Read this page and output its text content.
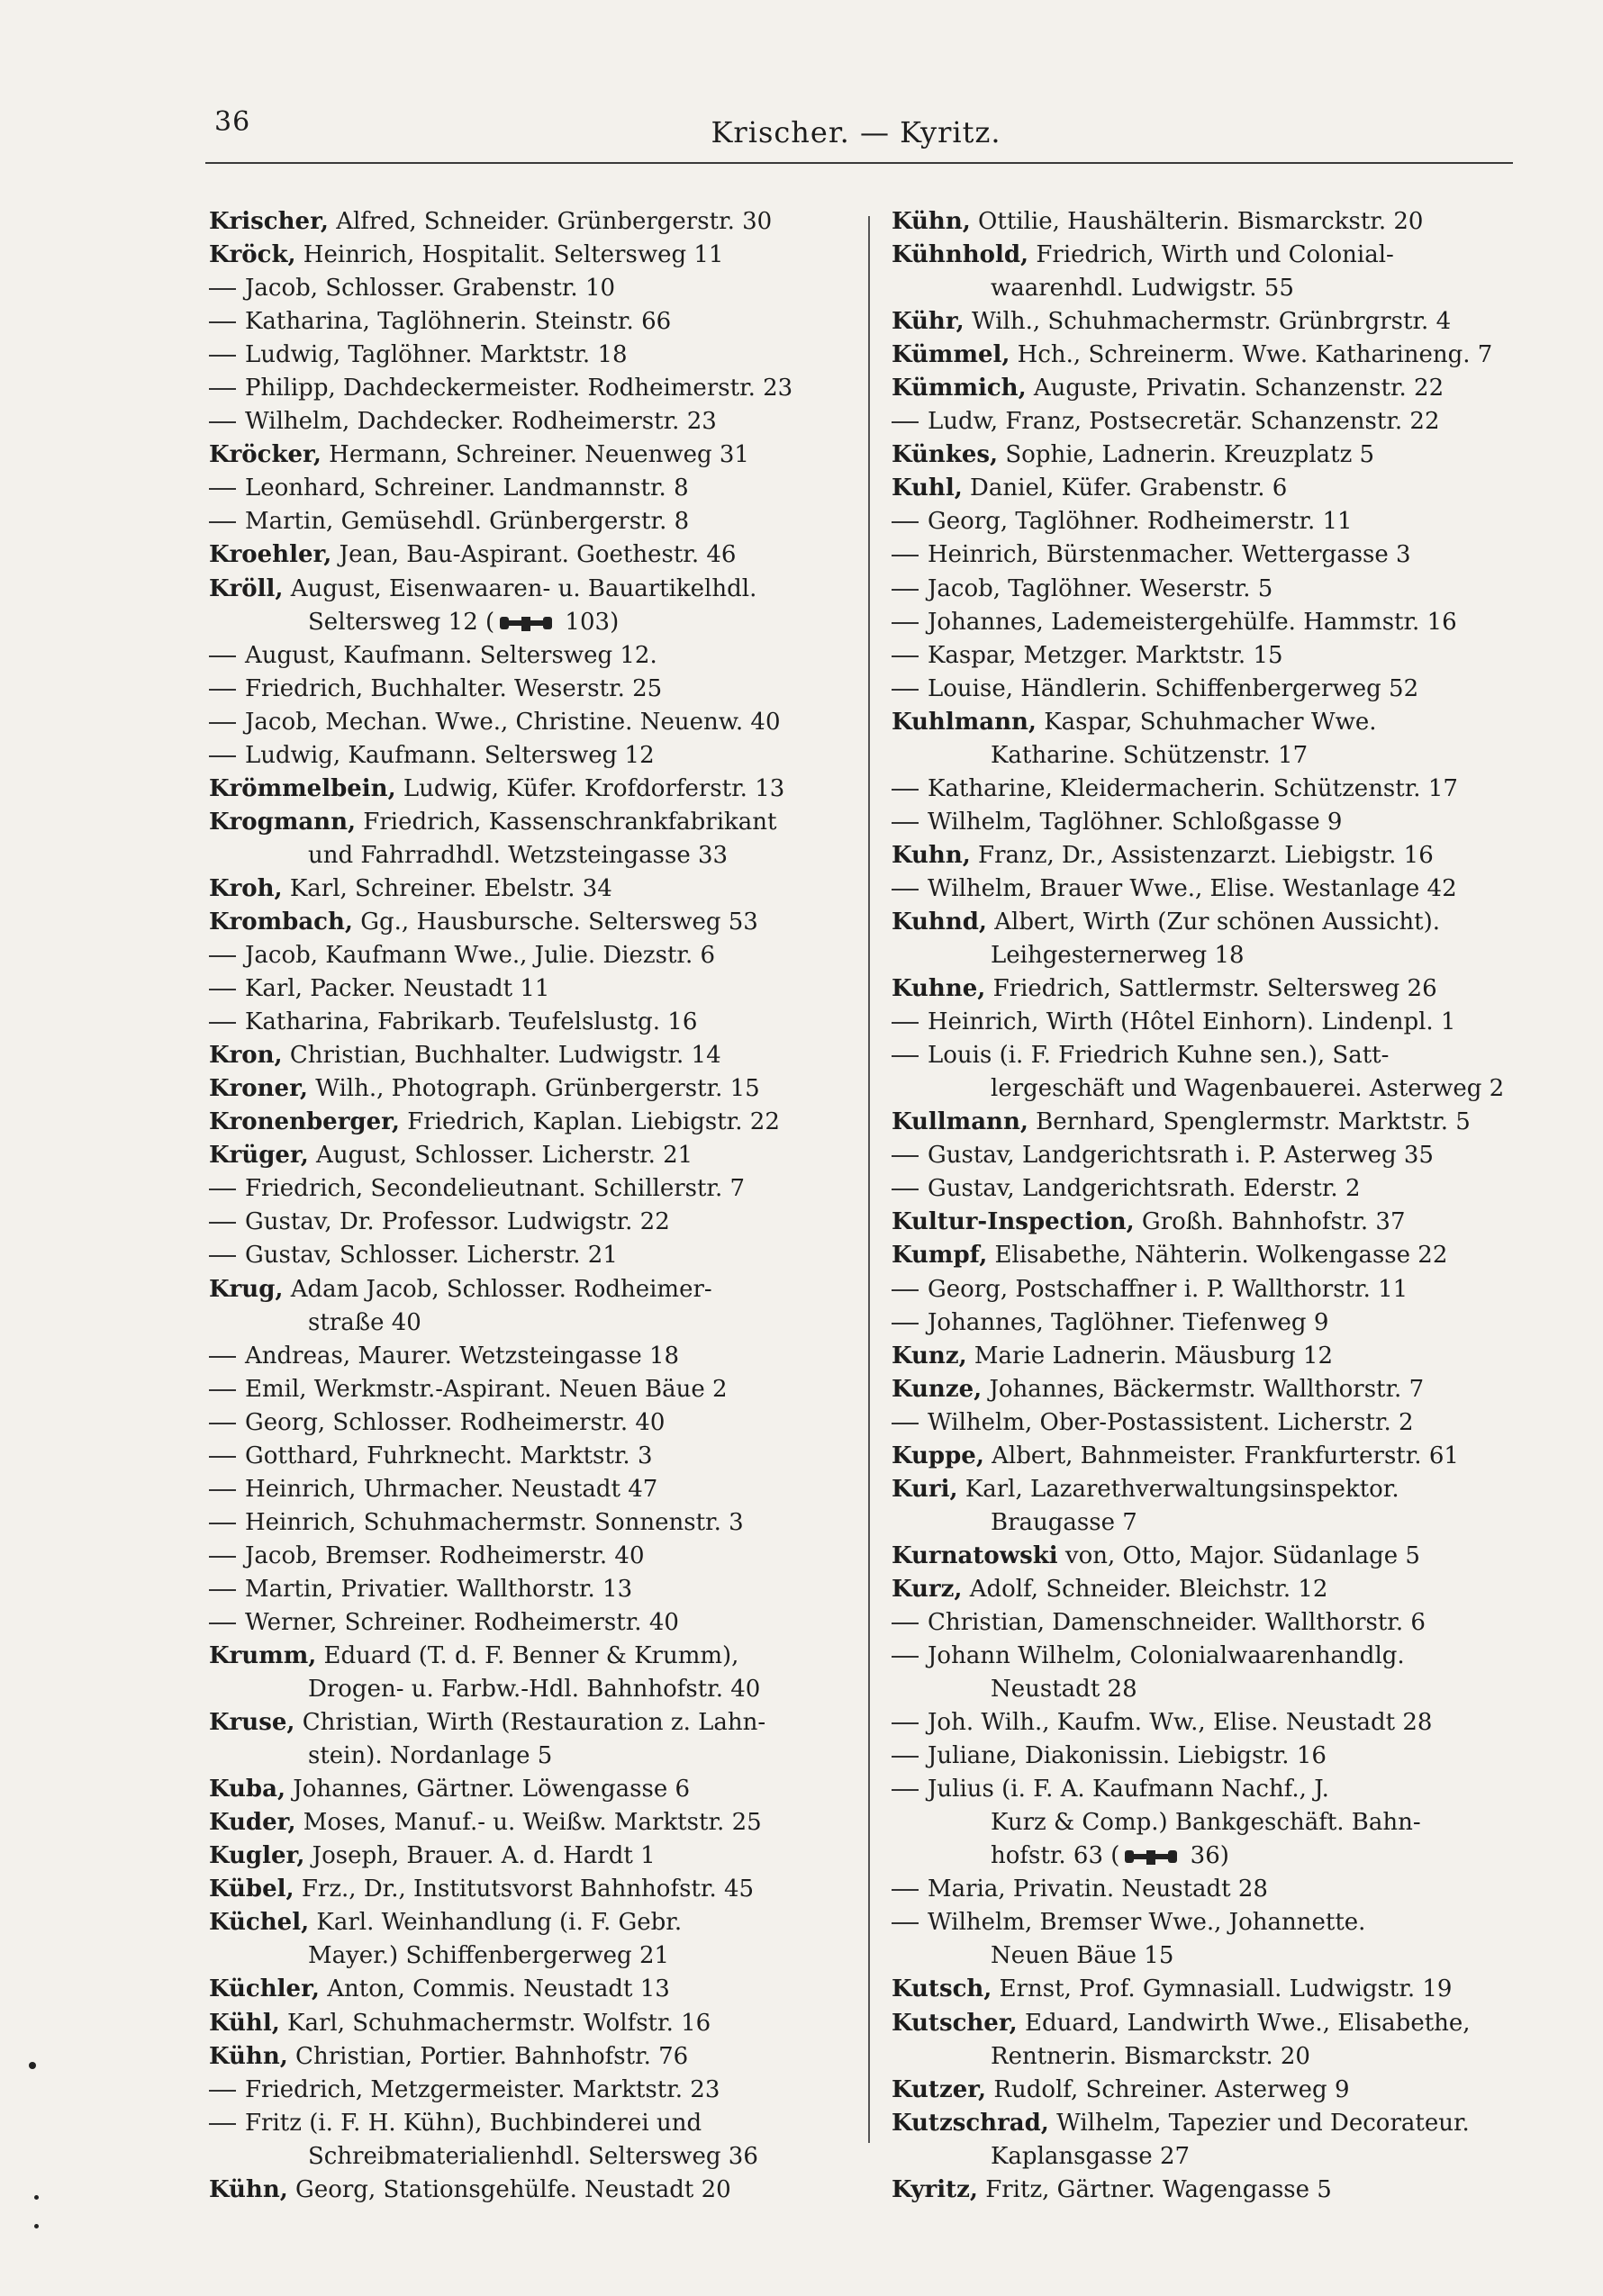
36	Krischer. — Kyritz.
Krischer, Alfred, Schneider. Grünbergerstr. 30
Kröck, Heinrich, Hospitalit. Seltersweg 11
Jacob, Schlosser. Grabenstr. 10
Katharina, Taglöhnerin. Steinstr. 66
Ludwig, Taglöhner. Marktstr. 18
Philipp, Dachdeckermeister. Rodheimerstr. 23
Wilhelm, Dachdecker. Rodheimerstr. 23
Kröcker, Hermann, Schreiner. Neuenweg 31
Leonhard, Schreiner. Landmannstr. 8
Martin, Gemüsehdl. Grünbergerstr. 8
Kroehler, Jean, Bau-Aspirant. Goethestr. 46
Kröll, August, Eisenwaaren- u. Bauartikelhdl.
Seltersweg 12 (	103)
August, Kaufmann. Seltersweg 12.
Friedrich, Buchhalter. Weserstr. 25
Jacob, Mechan. Wwe., Christine. Neuenw. 40
Ludwig, Kaufmann. Seltersweg 12
Krömmelbein, Ludwig, Küfer. Krofdorferstr. 13
Krogmann, Friedrich, Kassenschrankfabrikant
und Fahrradhdl. Wetzsteingasse 33
Kroh, Karl, Schreiner. Ebelstr. 34
Krombach, Gg., Hausbursche. Seltersweg 53
Jacob, Kaufmann Wwe., Julie. Diezstr. 6
Karl, Packer. Neustadt 11
Katharina, Fabrikarb. Teufelslustg. 16
Kron, Christian, Buchhalter. Ludwigstr. 14
Kroner, Wilh., Photograph. Grünbergerstr. 15
Kronenberger, Friedrich, Kaplan. Liebigstr. 22
Krüger, August, Schlosser. Licherstr. 21
Friedrich, Secondelieutnant. Schillerstr. 7
Gustav, Dr. Professor. Ludwigstr. 22
Gustav, Schlosser. Licherstr. 21
Krug, Adam Jacob, Schlosser. Rodheimer-
straße 40
Andreas, Maurer. Wetzsteingasse 18
Emil, Werkmstr.-Aspirant. Neuen Bäue 2
Georg, Schlosser. Rodheimerstr. 40
Gotthard, Fuhrknecht. Marktstr. 3
Heinrich, Uhrmacher. Neustadt 47
Heinrich, Schuhmachermstr. Sonnenstr. 3
Jacob, Bremser. Rodheimerstr. 40
Martin, Privatier. Wallthorstr. 13
Werner, Schreiner. Rodheimerstr. 40
Krumm, Eduard (T. d. F. Benner & Krumm),
Drogen- u. Farbw.-Hdl. Bahnhofstr. 40
Kruse, Christian, Wirth (Restauration z. Lahn-
stein). Nordanlage 5
Kuba, Johannes, Gärtner. Löwengasse 6
Kuder, Moses, Manuf.- u. Weißw. Marktstr. 25
Kugler, Joseph, Brauer. A. d. Hardt 1
Kübel, Frz., Dr., Institutsvorst Bahnhofstr. 45
Küchel, Karl. Weinhandlung (i. F. Gebr.
Mayer.) Schiffenbergerweg 21
Küchler, Anton, Commis. Neustadt 13
Kühl, Karl, Schuhmachermstr. Wolfstr. 16
Kühn, Christian, Portier. Bahnhofstr. 76
Friedrich, Metzgermeister. Marktstr. 23
Fritz (i. F. H. Kühn), Buchbinderei und
Schreibmaterialienhdl. Seltersweg 36
Kühn, Georg, Stationsgehülfe. Neustadt 20
Kühn, Ottilie, Haushälterin. Bismarckstr. 20
Kühnhold, Friedrich, Wirth und Colonial-
waarenhdl. Ludwigstr. 55
Kühr, Wilh., Schuhmachermstr. Grünbrgrstr. 4
Kümmel, Hch., Schreinerm. Wwe. Katharineng. 7
Kümmich, Auguste, Privatin. Schanzenstr. 22
Ludw, Franz, Postsecretär. Schanzenstr. 22
Künkes, Sophie, Ladnerin. Kreuzplatz 5
Kuhl, Daniel, Küfer. Grabenstr. 6
Georg, Taglöhner. Rodheimerstr. 11
Heinrich, Bürstenmacher. Wettergasse 3
Jacob, Taglöhner. Weserstr. 5
Johannes, Lademeistergehülfe. Hammstr. 16
Kaspar, Metzger. Marktstr. 15
Louise, Händlerin. Schiffenbergerweg 52
Kuhlmann, Kaspar, Schuhmacher Wwe.
Katharine. Schützenstr. 17
Katharine, Kleidermacherin. Schützenstr. 17
Wilhelm, Taglöhner. Schloßgasse 9
Kuhn, Franz, Dr., Assistenzarzt. Liebigstr. 16
Wilhelm, Brauer Wwe., Elise. Westanlage 42
Kuhnd, Albert, Wirth (Zur schönen Aussicht).
Leihgesternerweg 18
Kuhne, Friedrich, Sattlermstr. Seltersweg 26
Heinrich, Wirth (Hôtel Einhorn). Lindenpl. 1
Louis (i. F. Friedrich Kuhne sen.), Satt-
lergeschäft und Wagenbauerei. Asterweg 2
Kullmann, Bernhard, Spenglermstr. Marktstr. 5
Gustav, Landgerichtsrath i. P. Asterweg 35
Gustav, Landgerichtsrath. Ederstr. 2
Kultur-Inspection, Großh. Bahnhofstr. 37
Kumpf, Elisabethe, Nähterin. Wolkengasse 22
Georg, Postschaffner i. P. Wallthorstr. 11
Johannes, Taglöhner. Tiefenweg 9
Kunz, Marie Ladnerin. Mäusburg 12
Kunze, Johannes, Bäckermstr. Wallthorstr. 7
Wilhelm, Ober-Postassistent. Licherstr. 2
Kuppe, Albert, Bahnmeister. Frankfurterstr. 61
Kuri, Karl, Lazarethverwaltungsinspektor.
Braugasse 7
Kurnatowski von, Otto, Major. Südanlage 5
Kurz, Adolf, Schneider. Bleichstr. 12
Christian, Damenschneider. Wallthorstr. 6
Johann Wilhelm, Colonialwaarenhandlg.
Neustadt 28
Joh. Wilh., Kaufm. Ww., Elise. Neustadt 28
Juliane, Diakonissin. Liebigstr. 16
Julius (i. F. A. Kaufmann Nachf., J.
Kurz & Comp.) Bankgeschäft. Bahn-
hofstr. 63 (	36)
Maria, Privatin. Neustadt 28
Wilhelm, Bremser Wwe., Johannette.
Neuen Bäue 15
Kutsch, Ernst, Prof. Gymnasiall. Ludwigstr. 19
Kutscher, Eduard, Landwirth Wwe., Elisabethe,
Rentnerin. Bismarckstr. 20
Kutzer, Rudolf, Schreiner. Asterweg 9
Kutzschrad, Wilhelm, Tapezier und Decorateur.
Kaplansgasse 27
Kyritz, Fritz, Gärtner. Wagengasse 5
